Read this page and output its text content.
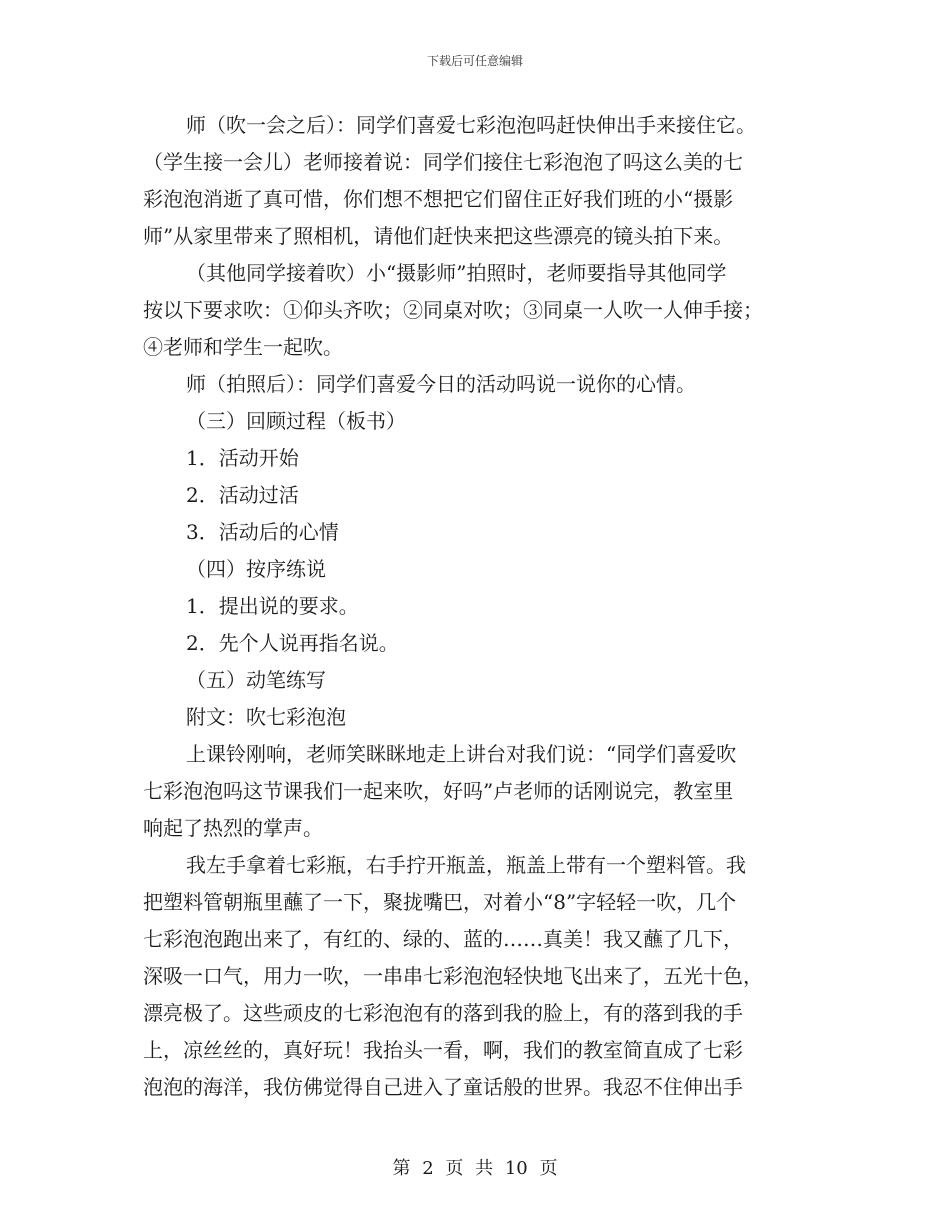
下载后可任意编辑
师（吹一会之后）：同学们喜爱七彩泡泡吗赶快伸出手来接住它。
（学生接一会儿）老师接着说：同学们接住七彩泡泡了吗这么美的七
彩泡泡消逝了真可惜，你们想不想把它们留住正好我们班的小“摄影
师”从家里带来了照相机，请他们赶快来把这些漂亮的镜头拍下来。
（其他同学接着吹）小“摄影师”拍照时，老师要指导其他同学
按以下要求吹：①仰头齐吹；②同桌对吹；③同桌一人吹一人伸手接；
④老师和学生一起吹。
师（拍照后）：同学们喜爱今日的活动吗说一说你的心情。
（三）回顾过程（板书）
1．活动开始
2．活动过活
3．活动后的心情
（四）按序练说
1．提出说的要求。
2．先个人说再指名说。
（五）动笔练写
附文：吹七彩泡泡
上课铃刚响，老师笑眯眯地走上讲台对我们说：“同学们喜爱吹
七彩泡泡吗这节课我们一起来吹，好吗”卢老师的话刚说完，教室里
响起了热烈的掌声。
我左手拿着七彩瓶，右手拧开瓶盖，瓶盖上带有一个塑料管。我
把塑料管朝瓶里蘸了一下，聚拢嘴巴，对着小“8”字轻轻一吹，几个
七彩泡泡跑出来了，有红的、绿的、蓝的……真美！我又蘸了几下，
深吸一口气，用力一吹，一串串七彩泡泡轻快地飞出来了，五光十色，
漂亮极了。这些顽皮的七彩泡泡有的落到我的脸上，有的落到我的手
上，凉丝丝的，真好玩！我抬头一看，啊，我们的教室简直成了七彩
泡泡的海洋，我仿佛觉得自己进入了童话般的世界。我忍不住伸出手
第 2 页 共 10 页
